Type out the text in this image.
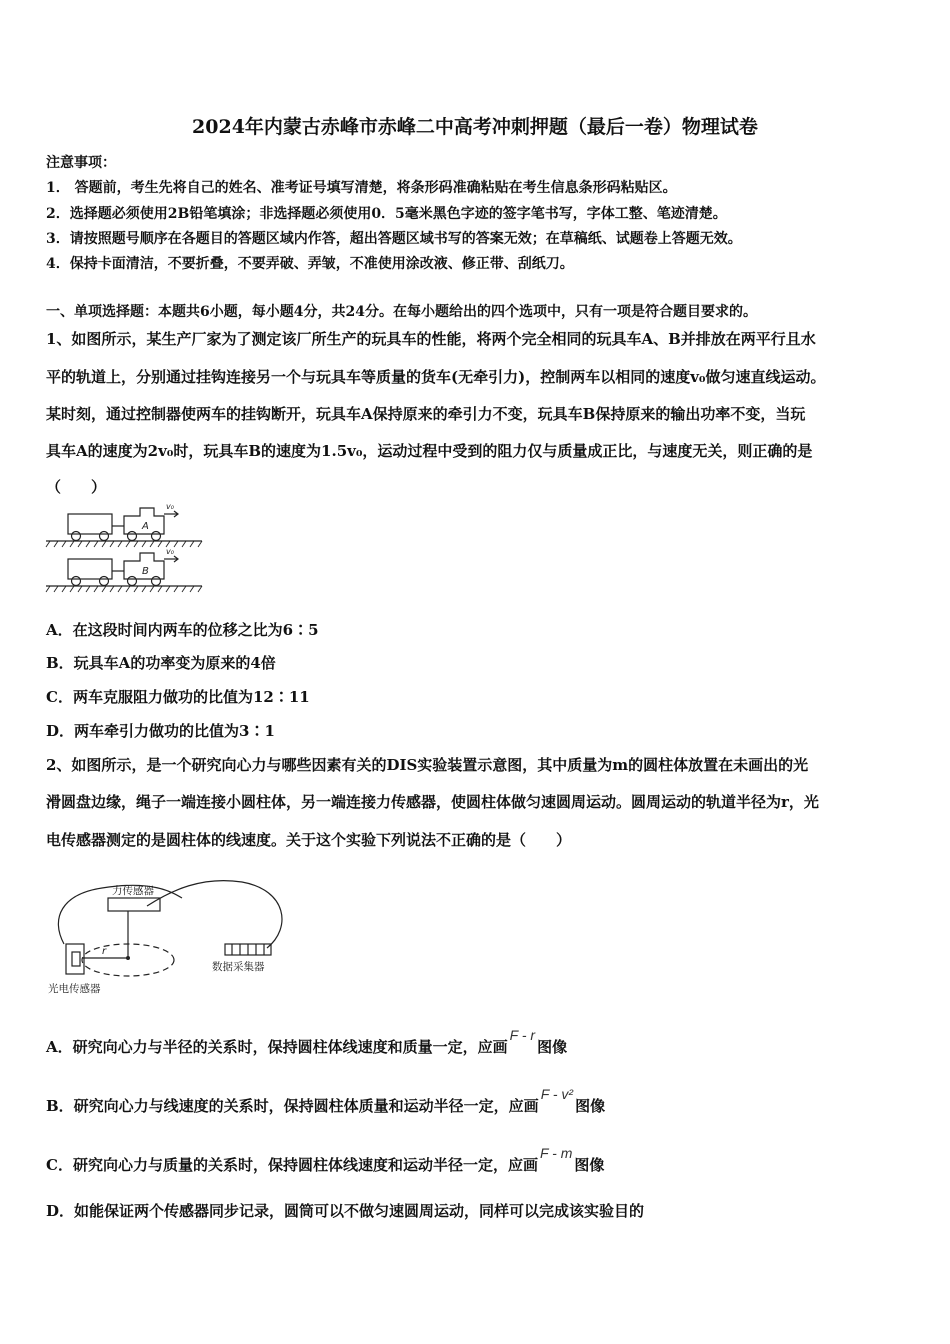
2024年内蒙古赤峰市赤峰二中高考冲刺押题（最后一卷）物理试卷
注意事项：
1． 答题前，考生先将自己的姓名、准考证号填写清楚，将条形码准确粘贴在考生信息条形码粘贴区。
2．选择题必须使用2B铅笔填涂；非选择题必须使用0．5毫米黑色字迹的签字笔书写，字体工整、笔迹清楚。
3．请按照题号顺序在各题目的答题区域内作答，超出答题区域书写的答案无效；在草稿纸、试题卷上答题无效。
4．保持卡面清洁，不要折叠，不要弄破、弄皱，不准使用涂改液、修正带、刮纸刀。
一、单项选择题：本题共6小题，每小题4分，共24分。在每小题给出的四个选项中，只有一项是符合题目要求的。
1、如图所示，某生产厂家为了测定该厂所生产的玩具车的性能，将两个完全相同的玩具车A、B并排放在两平行且水
平的轨道上，分别通过挂钩连接另一个与玩具车等质量的货车(无牵引力)，控制两车以相同的速度v₀做匀速直线运动。
某时刻，通过控制器使两车的挂钩断开，玩具车A保持原来的牵引力不变，玩具车B保持原来的输出功率不变，当玩
具车A的速度为2v₀时，玩具车B的速度为1.5v₀，运动过程中受到的阻力仅与质量成正比，与速度无关，则正确的是
（　　）
A
B
v₀
v₀
A．在这段时间内两车的位移之比为6∶5
B．玩具车A的功率变为原来的4倍
C．两车克服阻力做功的比值为12∶11
D．两车牵引力做功的比值为3∶1
2、如图所示，是一个研究向心力与哪些因素有关的DIS实验装置示意图，其中质量为m的圆柱体放置在未画出的光
滑圆盘边缘，绳子一端连接小圆柱体，另一端连接力传感器，使圆柱体做匀速圆周运动。圆周运动的轨道半径为r，光
电传感器测定的是圆柱体的线速度。关于这个实验下列说法不正确的是（　　）
力传感器
数据采集器
光电传感器
r
A．研究向心力与半径的关系时，保持圆柱体线速度和质量一定，应画F - r图像
B．研究向心力与线速度的关系时，保持圆柱体质量和运动半径一定，应画F - v²图像
C．研究向心力与质量的关系时，保持圆柱体线速度和运动半径一定，应画F - m图像
D．如能保证两个传感器同步记录，圆筒可以不做匀速圆周运动，同样可以完成该实验目的
